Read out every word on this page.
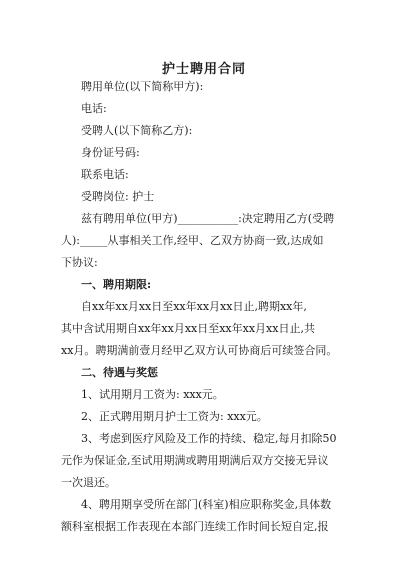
护士聘用合同
聘用单位(以下简称甲方):
电话:
受聘人(以下简称乙方):
身份证号码:
联系电话:
受聘岗位: 护士
兹有聘用单位(甲方)___________:决定聘用乙方(受聘
人):_____从事相关工作,经甲、乙双方协商一致,达成如
下协议:
一、聘用期限:
自xx年xx月xx日至xx年xx月xx日止,聘期xx年,
其中含试用期自xx年xx月xx日至xx年xx月xx日止,共
xx月。聘期满前壹月经甲乙双方认可协商后可续签合同。
二、待遇与奖惩
1、试用期月工资为: xxx元。
2、正式聘用期月护士工资为: xxx元。
3、考虑到医疗风险及工作的持续、稳定,每月扣除50
元作为保证金,至试用期满或聘用期满后双方交接无异议
一次退还。
4、聘用期享受所在部门(科室)相应职称奖金,具体数
额科室根据工作表现在本部门连续工作时间长短自定,报
